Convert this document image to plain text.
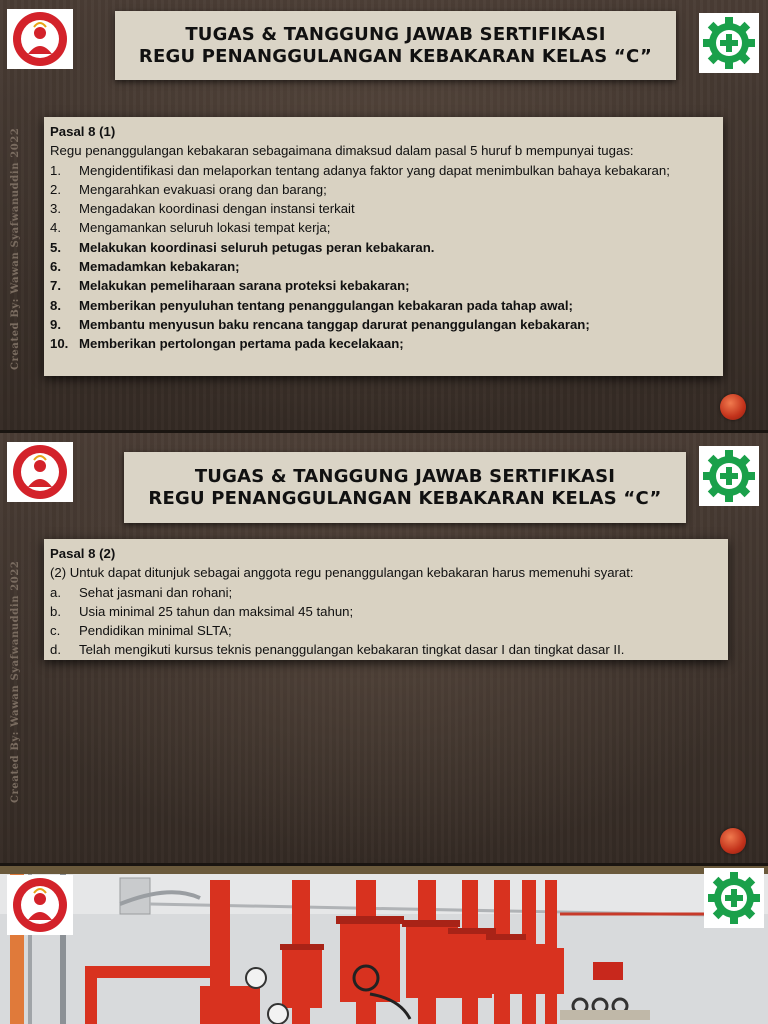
TUGAS & TANGGUNG JAWAB SERTIFIKASI
REGU PENANGGULANGAN KEBAKARAN KELAS “C”
Created By: Wawan Syafwanuddin 2022	Pasal 8 (1)
Regu penanggulangan kebakaran sebagaimana dimaksud dalam pasal 5 huruf b mempunyai tugas:
1.	Mengidentifikasi dan melaporkan tentang adanya faktor yang dapat menimbulkan bahaya kebakaran;
2.	Mengarahkan evakuasi orang dan barang;
3.	Mengadakan koordinasi dengan instansi terkait
4.	Mengamankan seluruh lokasi tempat kerja;
5.	Melakukan koordinasi seluruh petugas peran kebakaran.
6.	Memadamkan kebakaran;
7.	Melakukan pemeliharaan sarana proteksi kebakaran;
8.	Memberikan penyuluhan tentang penanggulangan kebakaran pada tahap awal;
9.	Membantu menyusun baku rencana tanggap darurat penanggulangan kebakaran;
10. Memberikan pertolongan pertama pada kecelakaan;
TUGAS & TANGGUNG JAWAB SERTIFIKASI
REGU PENANGGULANGAN KEBAKARAN KELAS “C”
Created By: Wawan Syafwanuddin 2022
Pasal 8 (2)
(2) Untuk dapat ditunjuk sebagai anggota regu penanggulangan kebakaran harus memenuhi syarat:
a.	Sehat jasmani dan rohani;
b.	Usia minimal 25 tahun dan maksimal 45 tahun;
c.	Pendidikan minimal SLTA;
d.	Telah mengikuti kursus teknis penanggulangan kebakaran tingkat dasar I dan tingkat dasar II.
